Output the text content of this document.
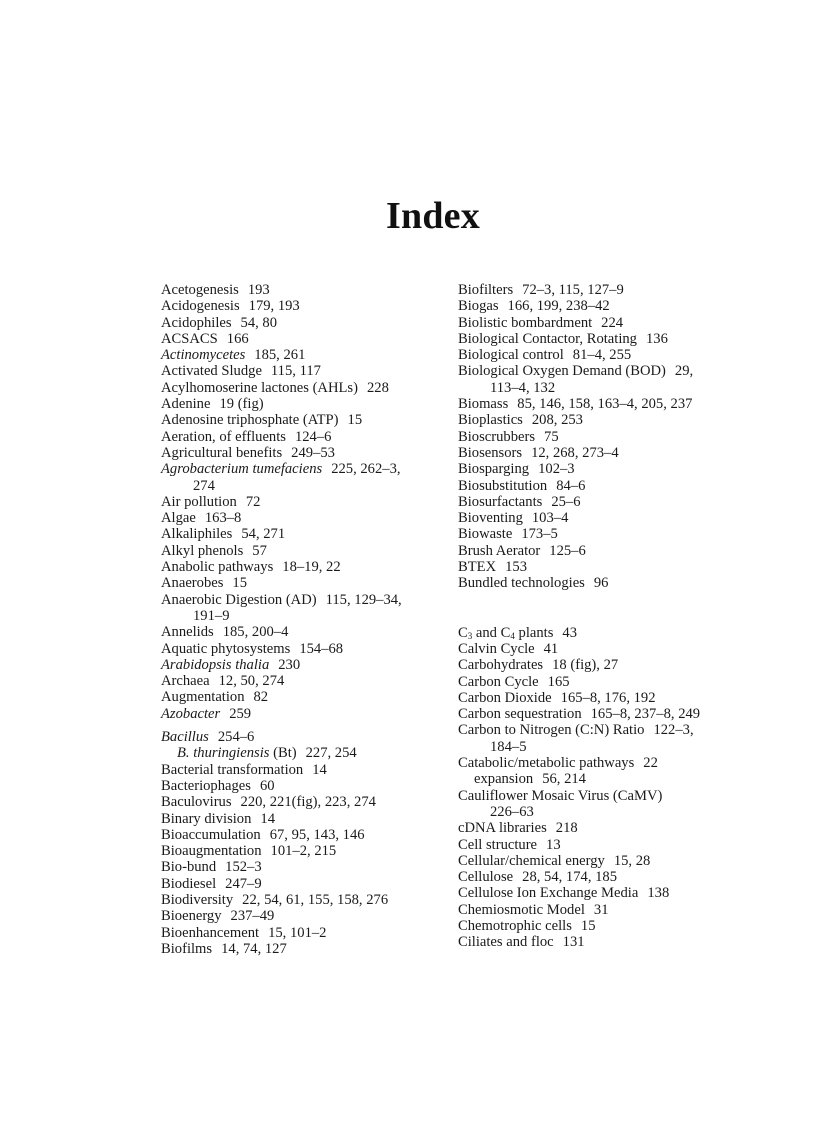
Index
Acetogenesis 193
Acidogenesis 179, 193
Acidophiles 54, 80
ACSACS 166
Actinomycetes 185, 261
Activated Sludge 115, 117
Acylhomoserine lactones (AHLs) 228
Adenine 19 (fig)
Adenosine triphosphate (ATP) 15
Aeration, of effluents 124–6
Agricultural benefits 249–53
Agrobacterium tumefaciens 225, 262–3,
274
Air pollution 72
Algae 163–8
Alkaliphiles 54, 271
Alkyl phenols 57
Anabolic pathways 18–19, 22
Anaerobes 15
Anaerobic Digestion (AD) 115, 129–34,
191–9
Annelids 185, 200–4
Aquatic phytosystems 154–68
Arabidopsis thalia 230
Archaea 12, 50, 274
Augmentation 82
Azobacter 259
Bacillus 254–6
B. thuringiensis (Bt) 227, 254
Bacterial transformation 14
Bacteriophages 60
Baculovirus 220, 221(fig), 223, 274
Binary division 14
Bioaccumulation 67, 95, 143, 146
Bioaugmentation 101–2, 215
Bio-bund 152–3
Biodiesel 247–9
Biodiversity 22, 54, 61, 155, 158, 276
Bioenergy 237–49
Bioenhancement 15, 101–2
Biofilms 14, 74, 127
Biofilters 72–3, 115, 127–9
Biogas 166, 199, 238–42
Biolistic bombardment 224
Biological Contactor, Rotating 136
Biological control 81–4, 255
Biological Oxygen Demand (BOD) 29,
113–4, 132
Biomass 85, 146, 158, 163–4, 205, 237
Bioplastics 208, 253
Bioscrubbers 75
Biosensors 12, 268, 273–4
Biosparging 102–3
Biosubstitution 84–6
Biosurfactants 25–6
Bioventing 103–4
Biowaste 173–5
Brush Aerator 125–6
BTEX 153
Bundled technologies 96
$C_3$ and $C_4$ plants 43
Calvin Cycle 41
Carbohydrates 18 (fig), 27
Carbon Cycle 165
Carbon Dioxide 165–8, 176, 192
Carbon sequestration 165–8, 237–8, 249
Carbon to Nitrogen (C:N) Ratio 122–3,
184–5
Catabolic/metabolic pathways 22
expansion 56, 214
Cauliflower Mosaic Virus (CaMV)
226–63
cDNA libraries 218
Cell structure 13
Cellular/chemical energy 15, 28
Cellulose 28, 54, 174, 185
Cellulose Ion Exchange Media 138
Chemiosmotic Model 31
Chemotrophic cells 15
Ciliates and floc 131
